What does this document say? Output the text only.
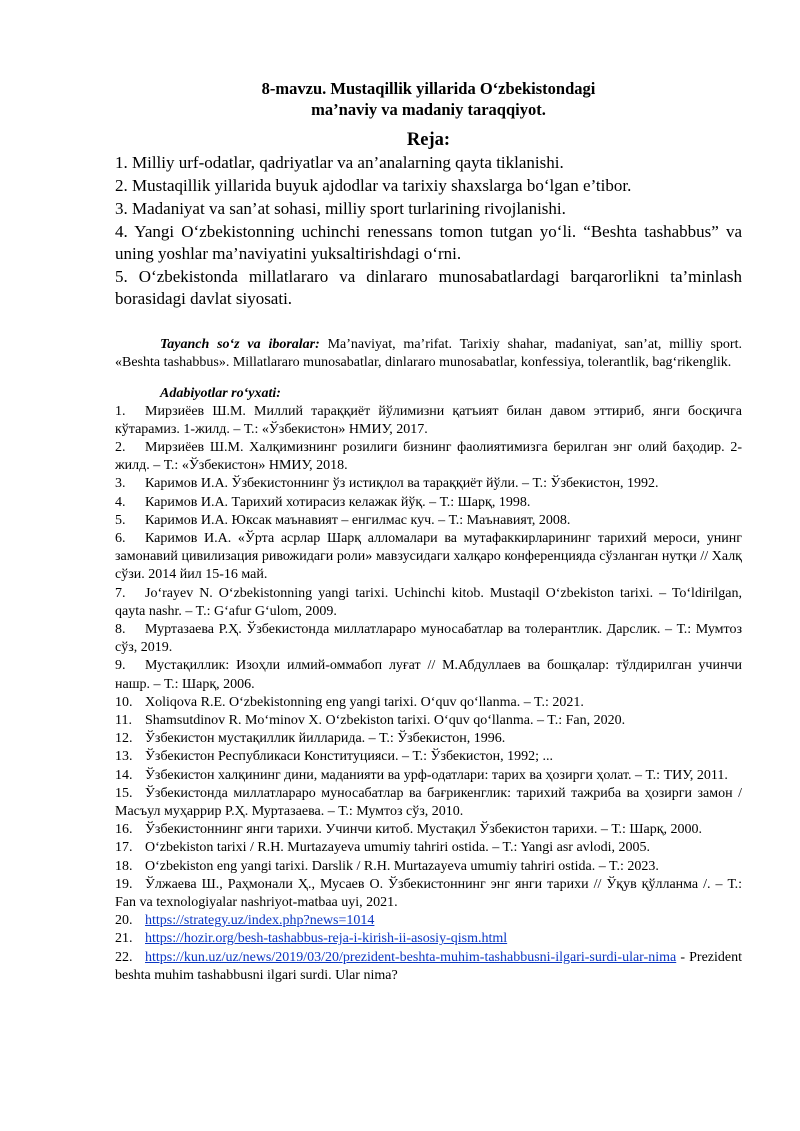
8-mavzu. Mustaqillik yillarida O‘zbekistondagi
ma’naviy va madaniy taraqqiyot.

Reja:

1. Milliy urf-odatlar, qadriyatlar va an’analarning qayta tiklanishi.
2. Mustaqillik yillarida buyuk ajdodlar va tarixiy shaxslarga bo‘lgan e’tibor.
3. Madaniyat va san’at sohasi, milliy sport turlarining rivojlanishi.
4. Yangi O‘zbekistonning uchinchi renessans tomon tutgan yo‘li. “Beshta tashabbus” va uning yoshlar ma’naviyatini yuksaltirishdagi o‘rni.
5. O‘zbekistonda millatlararo va dinlararo munosabatlardagi barqarorlikni ta’minlash borasidagi davlat siyosati.

Tayanch so‘z va iboralar: Ma’naviyat, ma’rifat. Tarixiy shahar, madaniyat, san’at, milliy sport. «Beshta tashabbus». Millatlararo munosabatlar, dinlararo munosabatlar, konfessiya, tolerantlik, bag‘rikenglik.

Adabiyotlar ro‘yxati:

1. Мирзиёев Ш.М. Миллий тараққиёт йўлимизни қатъият билан давом эттириб, янги босқичга кўтарамиз. 1-жилд. – Т.: «Ўзбекистон» НМИУ, 2017.
2. Мирзиёев Ш.М. Халқимизнинг розилиги бизнинг фаолиятимизга берилган энг олий баҳодир. 2-жилд. – Т.: «Ўзбекистон» НМИУ, 2018.
3. Каримов И.А. Ўзбекистоннинг ўз истиқлол ва тараққиёт йўли. – Т.: Ўзбекистон, 1992.
4. Каримов И.А. Тарихий хотирасиз келажак йўқ. – Т.: Шарқ, 1998.
5. Каримов И.А. Юксак маънавият – енгилмас куч. – Т.: Маънавият, 2008.
6. Каримов И.А. «Ўрта асрлар Шарқ алломалари ва мутафаккирларининг тарихий мероси, унинг замонавий цивилизация ривожидаги роли» мавзусидаги халқаро конференцияда сўзланган нутқи // Халқ сўзи. 2014 йил 15-16 май.
7. Jo‘rayev N. O‘zbekistonning yangi tarixi. Uchinchi kitob. Mustaqil O‘zbekiston tarixi. – To‘ldirilgan, qayta nashr. – T.: G‘afur G‘ulom, 2009.
8. Муртазаева Р.Ҳ. Ўзбекистонда миллатлараро муносабатлар ва толерантлик. Дарслик. – Т.: Мумтоз сўз, 2019.
9. Мустақиллик: Изоҳли илмий-оммабоп луғат // М.Абдуллаев ва бошқалар: тўлдирилган учинчи нашр. – Т.: Шарқ, 2006.
10. Xoliqova R.E. O‘zbekistonning eng yangi tarixi. O‘quv qo‘llanma. – T.: 2021.
11. Shamsutdinov R. Mo‘minov X. O‘zbekiston tarixi. O‘quv qo‘llanma. – T.: Fan, 2020.
12. Ўзбекистон мустақиллик йилларида. – Т.: Ўзбекистон, 1996.
13. Ўзбекистон Республикаси Конституцияси. – Т.: Ўзбекистон, 1992; ...
14. Ўзбекистон халқининг дини, маданияти ва урф-одатлари: тарих ва ҳозирги ҳолат. – Т.: ТИУ, 2011.
15. Ўзбекистонда миллатлараро муносабатлар ва бағрикенглик: тарихий тажриба ва ҳозирги замон / Масъул муҳаррир Р.Ҳ. Муртазаева. – Т.: Мумтоз сўз, 2010.
16. Ўзбекистоннинг янги тарихи. Учинчи китоб. Мустақил Ўзбекистон тарихи. – Т.: Шарқ, 2000.
17. O‘zbekiston tarixi / R.H. Murtazayeva umumiy tahriri ostida. – T.: Yangi asr avlodi, 2005.
18. O‘zbekiston eng yangi tarixi. Darslik / R.H. Murtazayeva umumiy tahriri ostida. – T.: 2023.
19. Ўлжаева Ш., Раҳмонали Ҳ., Мусаев О. Ўзбекистоннинг энг янги тарихи // Ўқув қўлланма /. – Т.: Fan va texnologiyalar nashriyot-matbaa uyi, 2021.
20. https://strategy.uz/index.php?news=1014
21. https://hozir.org/besh-tashabbus-reja-i-kirish-ii-asosiy-qism.html
22. https://kun.uz/uz/news/2019/03/20/prezident-beshta-muhim-tashabbusni-ilgari-surdi-ular-nima - Prezident beshta muhim tashabbusni ilgari surdi. Ular nima?
